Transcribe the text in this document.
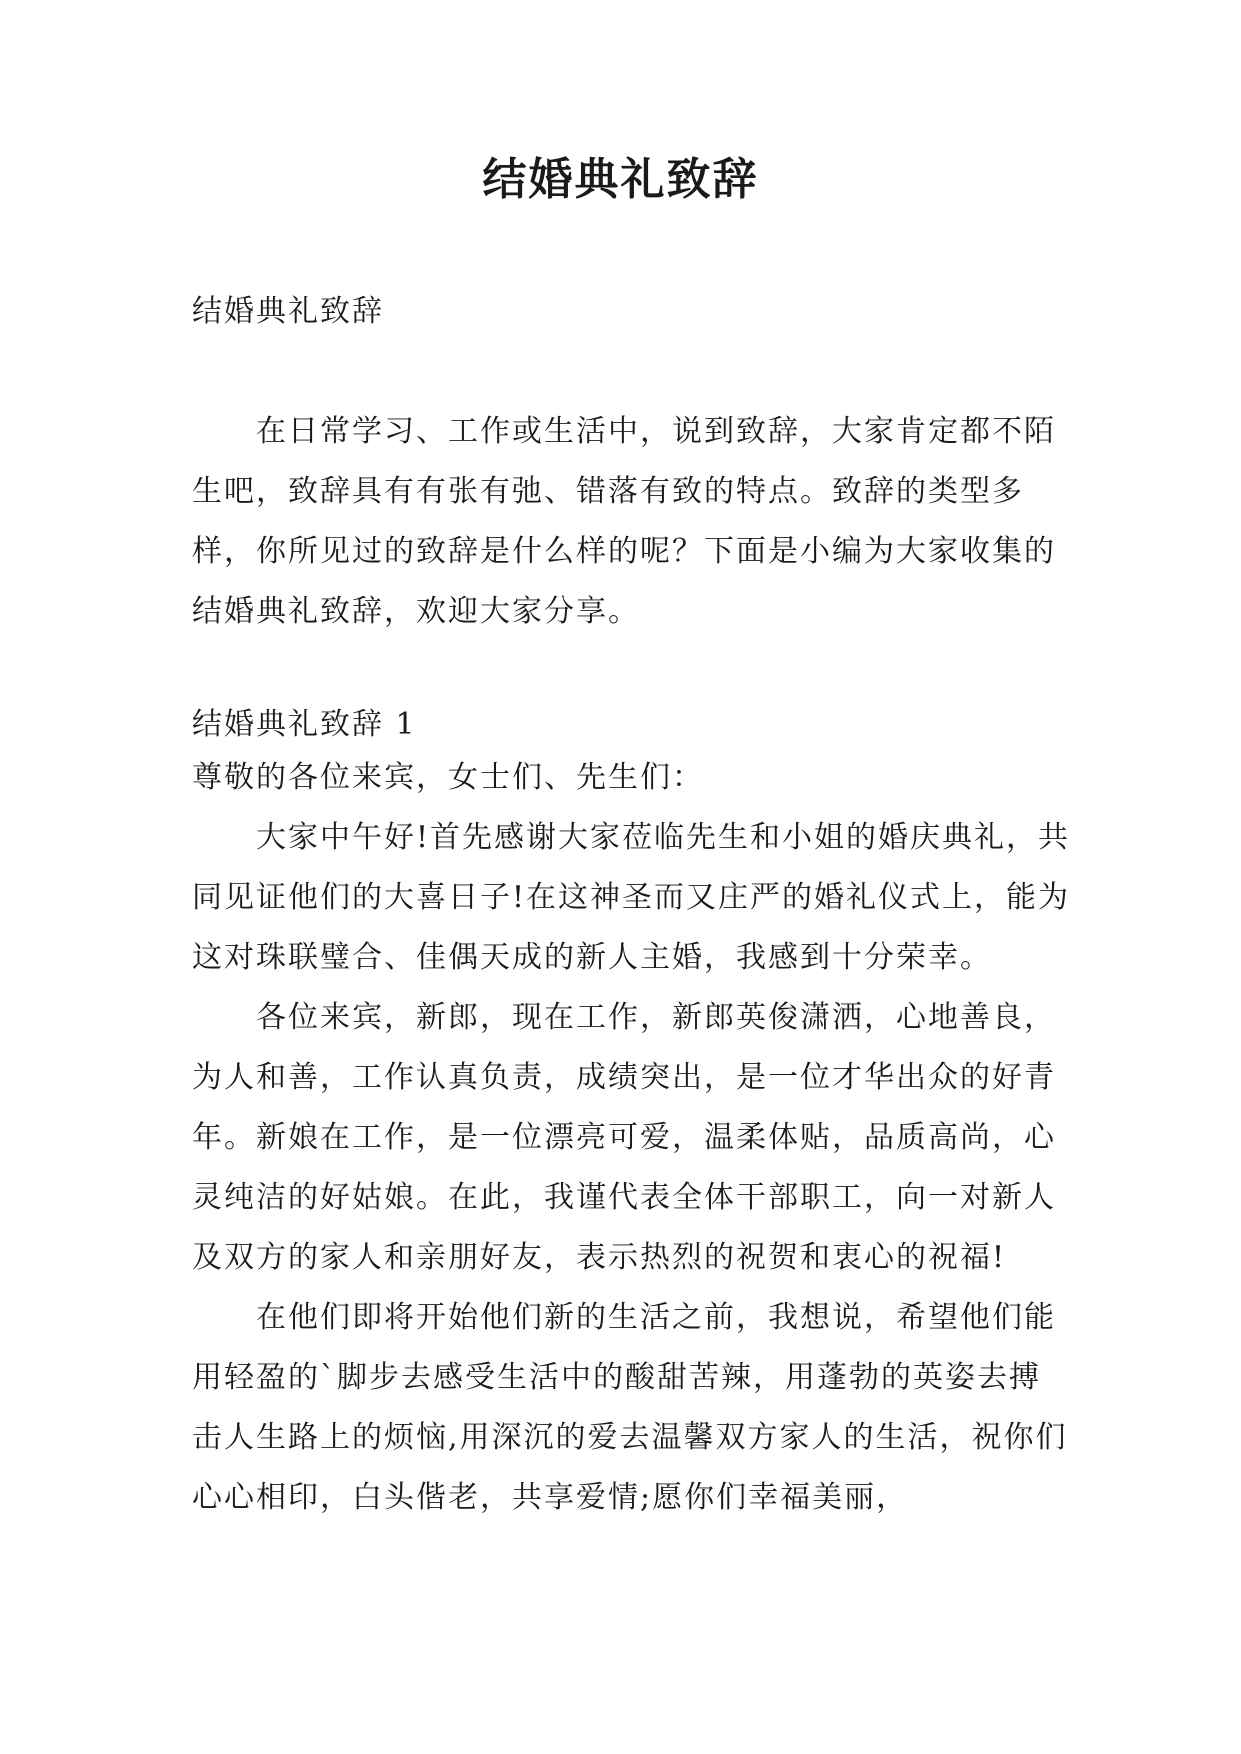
结婚典礼致辞
结婚典礼致辞

在日常学习、工作或生活中，说到致辞，大家肯定都不陌生吧，致辞具有有张有弛、错落有致的特点。致辞的类型多样，你所见过的致辞是什么样的呢？下面是小编为大家收集的结婚典礼致辞，欢迎大家分享。

结婚典礼致辞 1

尊敬的各位来宾，女士们、先生们：

大家中午好!首先感谢大家莅临先生和小姐的婚庆典礼，共同见证他们的大喜日子!在这神圣而又庄严的婚礼仪式上，能为这对珠联璧合、佳偶天成的新人主婚，我感到十分荣幸。

各位来宾，新郎，现在工作，新郎英俊潇洒，心地善良，为人和善，工作认真负责，成绩突出，是一位才华出众的好青年。新娘在工作，是一位漂亮可爱，温柔体贴，品质高尚，心灵纯洁的好姑娘。在此，我谨代表全体干部职工，向一对新人及双方的家人和亲朋好友，表示热烈的祝贺和衷心的祝福!

在他们即将开始他们新的生活之前，我想说，希望他们能用轻盈的`脚步去感受生活中的酸甜苦辣，用蓬勃的英姿去搏击人生路上的烦恼,用深沉的爱去温馨双方家人的生活，祝你们心心相印，白头偕老，共享爱情;愿你们幸福美丽，
